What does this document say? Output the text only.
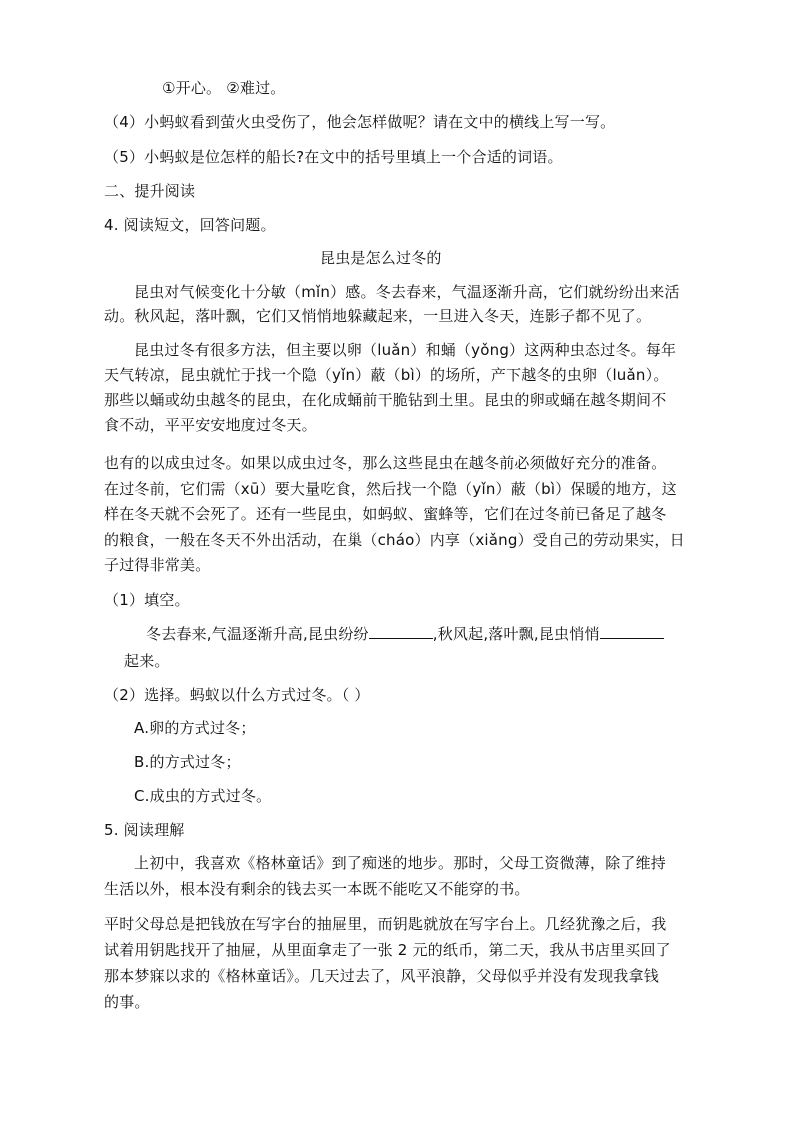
①开心。 ②难过。
（4）小蚂蚁看到萤火虫受伤了，他会怎样做呢？请在文中的横线上写一写。
（5）小蚂蚁是位怎样的船长?在文中的括号里填上一个合适的词语。
二、提升阅读
4. 阅读短文，回答问题。
昆虫是怎么过冬的
昆虫对气候变化十分敏（mǐn）感。冬去春来，气温逐渐升高，它们就纷纷出来活
动。秋风起，落叶飘，它们又悄悄地躲藏起来，一旦进入冬天，连影子都不见了。
昆虫过冬有很多方法，但主要以卵（luǎn）和蛹（yǒng）这两种虫态过冬。每年
天气转凉，昆虫就忙于找一个隐（yǐn）蔽（bì）的场所，产下越冬的虫卵（luǎn）。
那些以蛹或幼虫越冬的昆虫，在化成蛹前干脆钻到土里。昆虫的卵或蛹在越冬期间不
食不动，平平安安地度过冬天。
也有的以成虫过冬。如果以成虫过冬，那么这些昆虫在越冬前必须做好充分的准备。
在过冬前，它们需（xū）要大量吃食，然后找一个隐（yǐn）蔽（bì）保暖的地方，这
样在冬天就不会死了。还有一些昆虫，如蚂蚁、蜜蜂等，它们在过冬前已备足了越冬
的粮食，一般在冬天不外出活动，在巢（cháo）内享（xiǎng）受自己的劳动果实，日
子过得非常美。
（1）填空。
冬去春来,气温逐渐升高,昆虫纷纷	,秋风起,落叶飘,昆虫悄悄
起来。
（2）选择。蚂蚁以什么方式过冬。（ ）
A.卵的方式过冬；
B.的方式过冬；
C.成虫的方式过冬。
5. 阅读理解
上初中，我喜欢《格林童话》到了痴迷的地步。那时，父母工资微薄，除了维持
生活以外，根本没有剩余的钱去买一本既不能吃又不能穿的书。
平时父母总是把钱放在写字台的抽屉里，而钥匙就放在写字台上。几经犹豫之后，我
试着用钥匙找开了抽屉，从里面拿走了一张 2 元的纸币，第二天，我从书店里买回了
那本梦寐以求的《格林童话》。几天过去了，风平浪静，父母似乎并没有发现我拿钱
的事。
